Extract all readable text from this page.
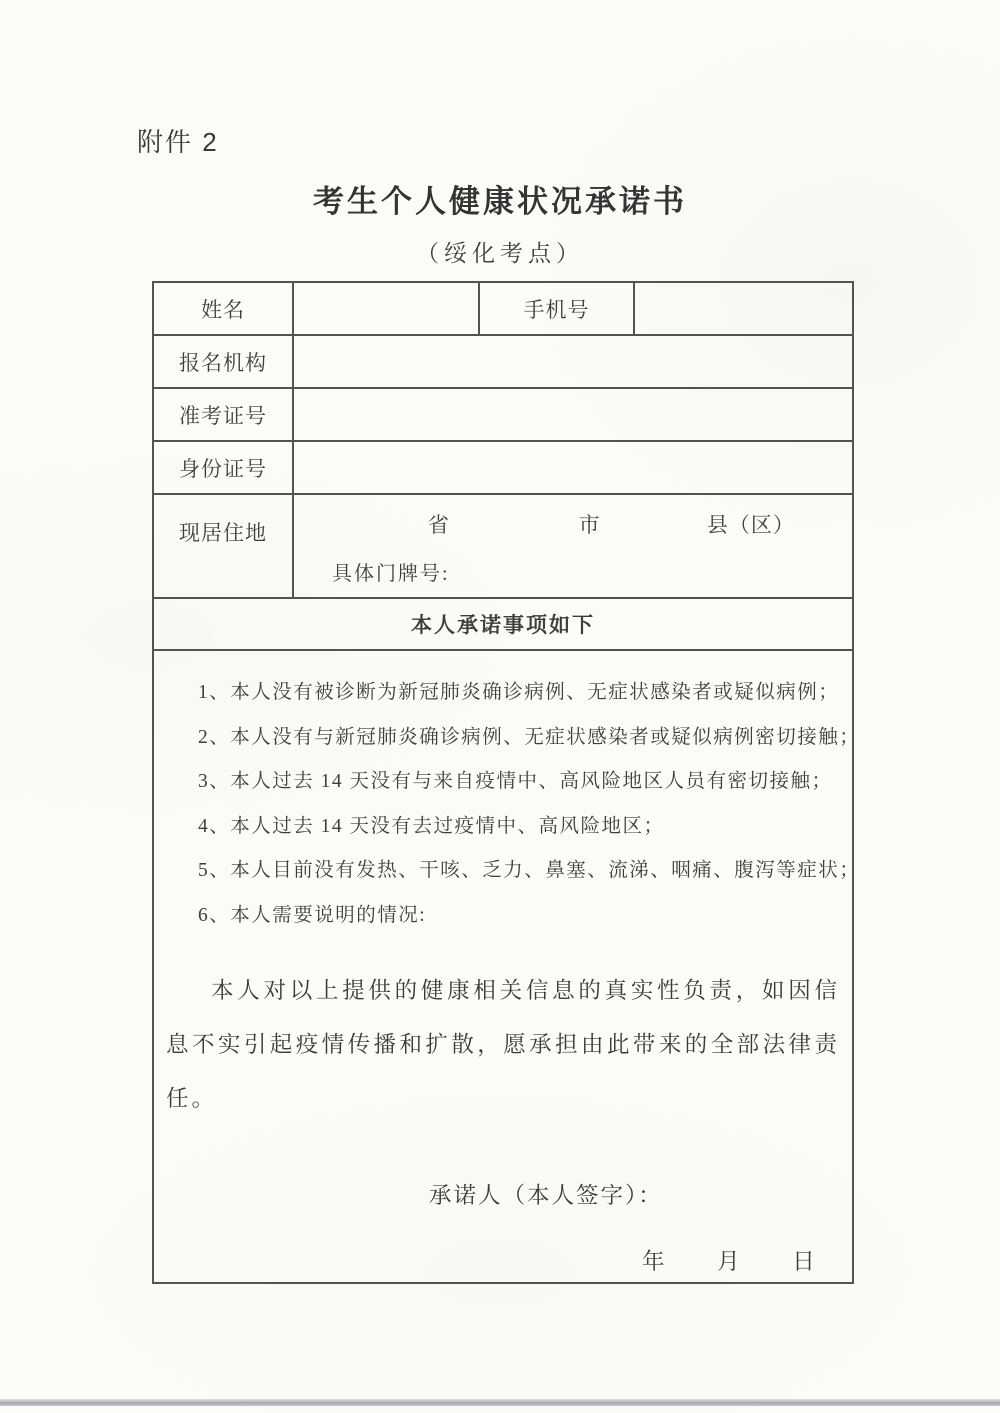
附件 2
考生个人健康状况承诺书
（绥化考点）
姓名		手机号	
报名机构			
准考证号			
身份证号			
现居住地	省 市 县（区）
具体门牌号:		

本人承诺事项如下			

1、本人没有被诊断为新冠肺炎确诊病例、无症状感染者或疑似病例；
2、本人没有与新冠肺炎确诊病例、无症状感染者或疑似病例密切接触；
3、本人过去 14 天没有与来自疫情中、高风险地区人员有密切接触；
4、本人过去 14 天没有去过疫情中、高风险地区；
5、本人目前没有发热、干咳、乏力、鼻塞、流涕、咽痛、腹泻等症状；
6、本人需要说明的情况:
本人对以上提供的健康相关信息的真实性负责，如因信
息不实引起疫情传播和扩散，愿承担由此带来的全部法律责
任。
承诺人（本人签字）：
年 月 日
